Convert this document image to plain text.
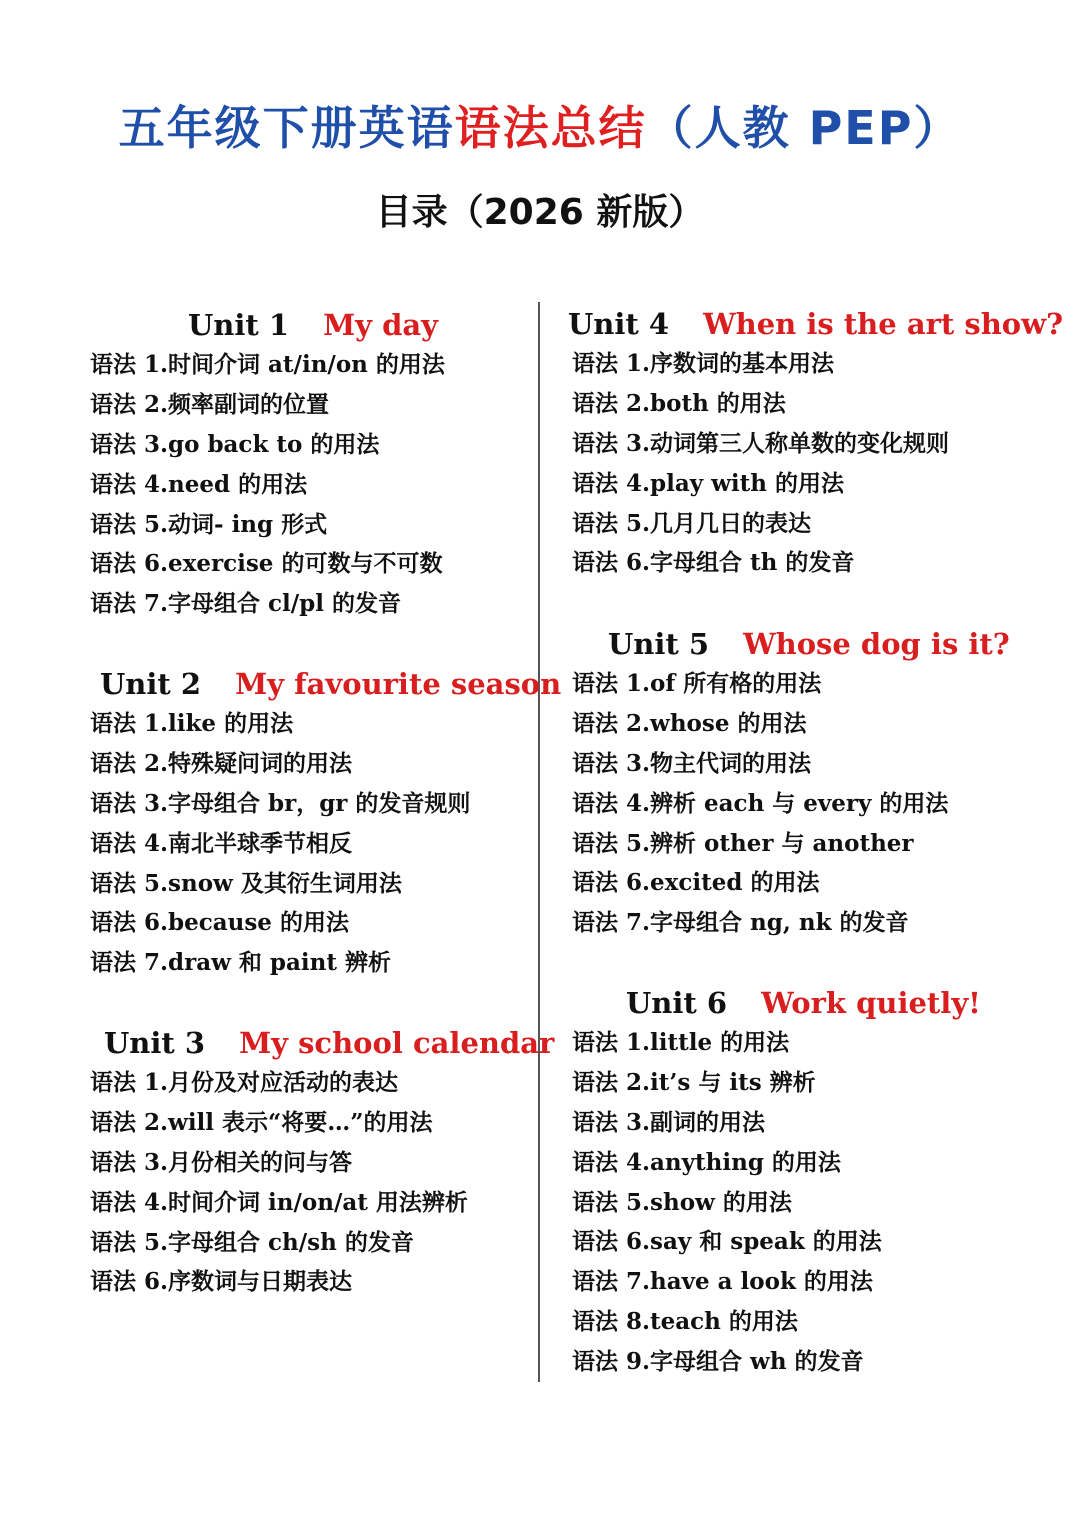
五年级下册英语语法总结（人教 PEP）
目录（2026 新版）
Unit 1 My day
语法 1.时间介词 at/in/on 的用法
语法 2.频率副词的位置
语法 3.go back to 的用法
语法 4.need 的用法
语法 5.动词- ing 形式
语法 6.exercise 的可数与不可数
语法 7.字母组合 cl/pl 的发音
Unit 2 My favourite season
语法 1.like 的用法
语法 2.特殊疑问词的用法
语法 3.字母组合 br，gr 的发音规则
语法 4.南北半球季节相反
语法 5.snow 及其衍生词用法
语法 6.because 的用法
语法 7.draw 和 paint 辨析
Unit 3 My school calendar
语法 1.月份及对应活动的表达
语法 2.will 表示“将要…”的用法
语法 3.月份相关的问与答
语法 4.时间介词 in/on/at 用法辨析
语法 5.字母组合 ch/sh 的发音
语法 6.序数词与日期表达
Unit 4 When is the art show?
语法 1.序数词的基本用法
语法 2.both 的用法
语法 3.动词第三人称单数的变化规则
语法 4.play with 的用法
语法 5.几月几日的表达
语法 6.字母组合 th 的发音
Unit 5 Whose dog is it?
语法 1.of 所有格的用法
语法 2.whose 的用法
语法 3.物主代词的用法
语法 4.辨析 each 与 every 的用法
语法 5.辨析 other 与 another
语法 6.excited 的用法
语法 7.字母组合 ng, nk 的发音
Unit 6 Work quietly!
语法 1.little 的用法
语法 2.it’s 与 its 辨析
语法 3.副词的用法
语法 4.anything 的用法
语法 5.show 的用法
语法 6.say 和 speak 的用法
语法 7.have a look 的用法
语法 8.teach 的用法
语法 9.字母组合 wh 的发音
